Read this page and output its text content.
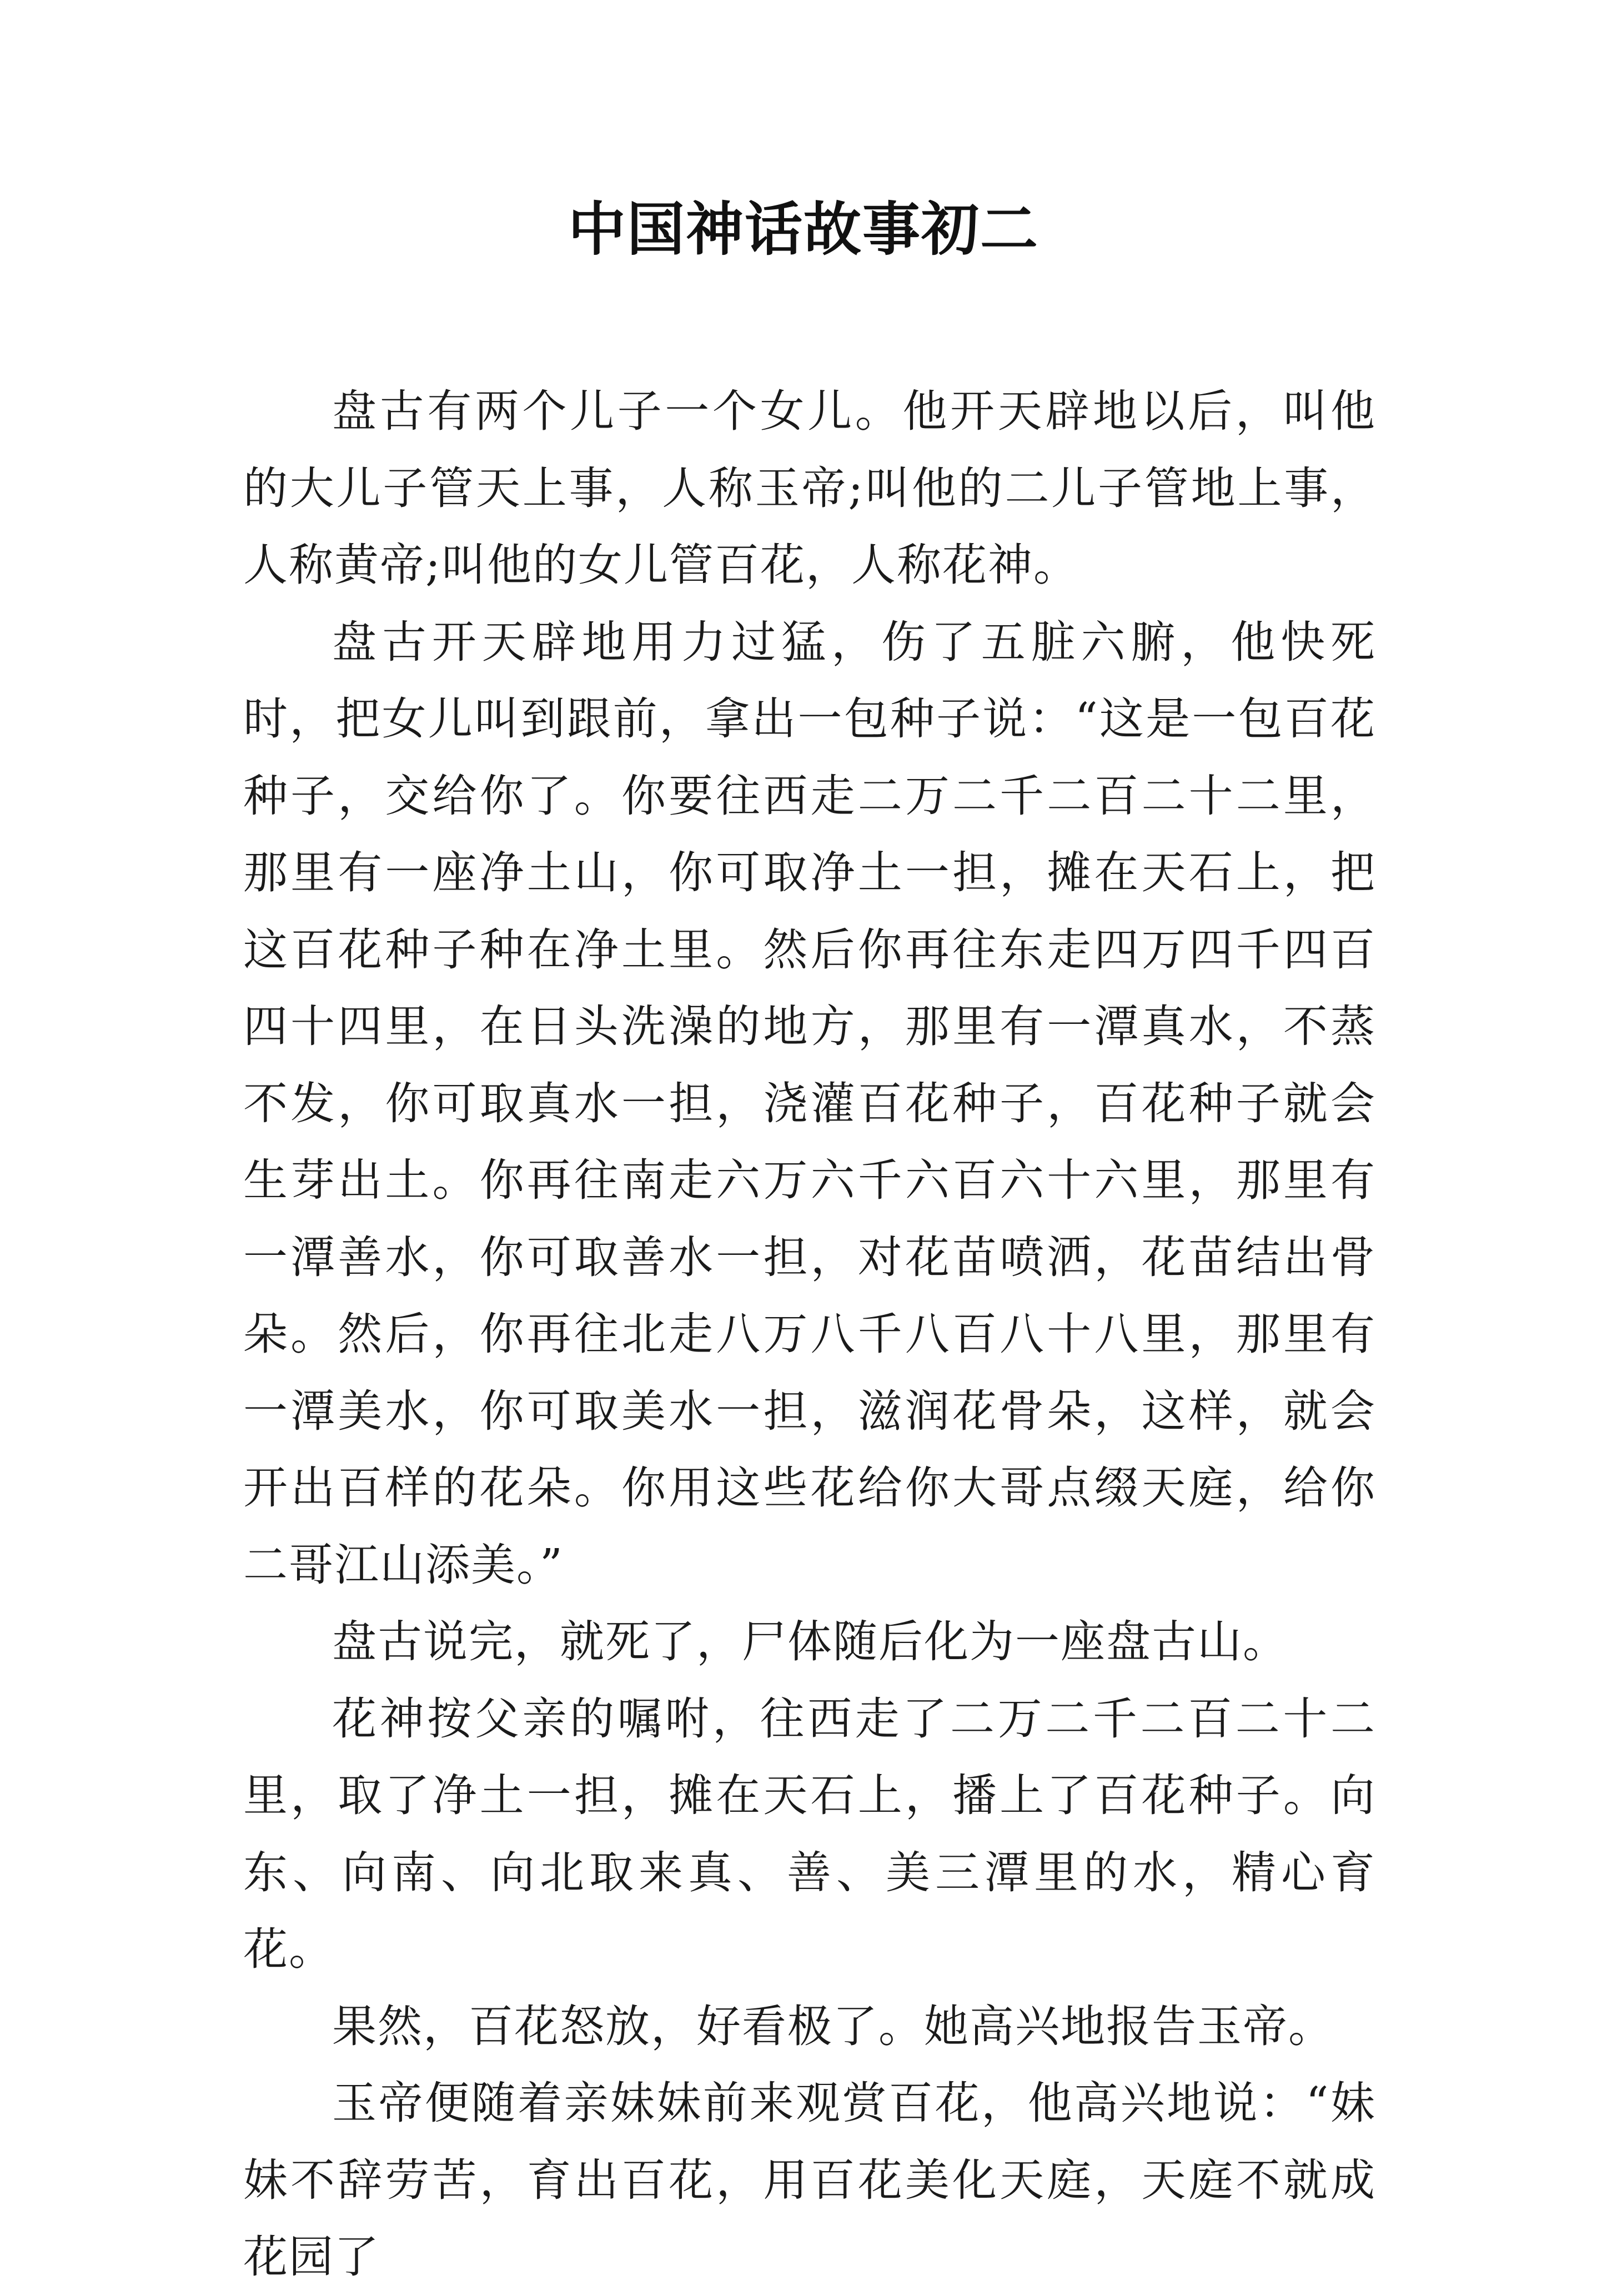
中国神话故事初二

盘古有两个儿子一个女儿。他开天辟地以后，叫他的大儿子管天上事，人称玉帝;叫他的二儿子管地上事，人称黄帝;叫他的女儿管百花，人称花神。

盘古开天辟地用力过猛，伤了五脏六腑，他快死时，把女儿叫到跟前，拿出一包种子说：“这是一包百花种子，交给你了。你要往西走二万二千二百二十二里，那里有一座净土山，你可取净土一担，摊在天石上，把这百花种子种在净土里。然后你再往东走四万四千四百四十四里，在日头洗澡的地方，那里有一潭真水，不蒸不发，你可取真水一担，浇灌百花种子，百花种子就会生芽出土。你再往南走六万六千六百六十六里，那里有一潭善水，你可取善水一担，对花苗喷洒，花苗结出骨朵。然后，你再往北走八万八千八百八十八里，那里有一潭美水，你可取美水一担，滋润花骨朵，这样，就会开出百样的花朵。你用这些花给你大哥点缀天庭，给你二哥江山添美。”

盘古说完，就死了，尸体随后化为一座盘古山。

花神按父亲的嘱咐，往西走了二万二千二百二十二里，取了净土一担，摊在天石上，播上了百花种子。向东、向南、向北取来真、善、美三潭里的水，精心育花。

果然，百花怒放，好看极了。她高兴地报告玉帝。

玉帝便随着亲妹妹前来观赏百花，他高兴地说：“妹妹不辞劳苦，育出百花，用百花美化天庭，天庭不就成花园了
